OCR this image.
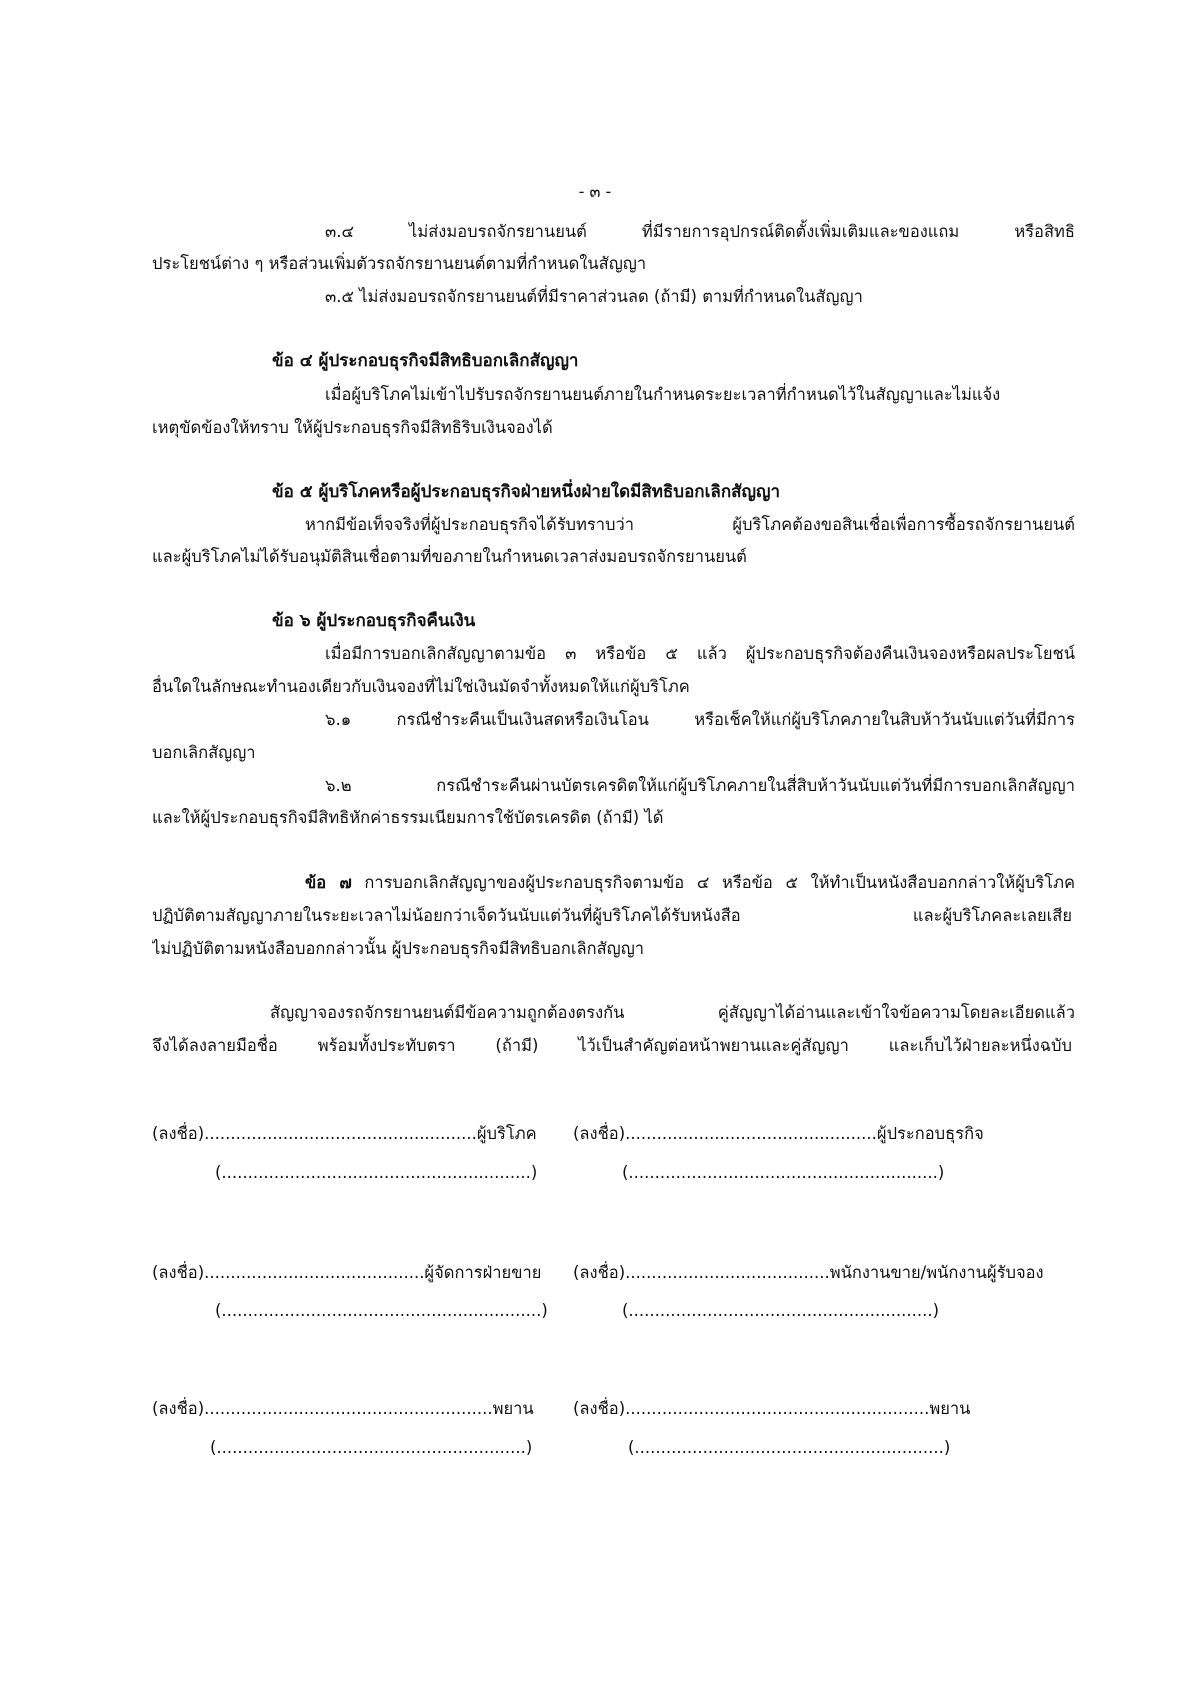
- ๓ -
๓.๔ ไม่ส่งมอบรถจักรยานยนต์ ที่มีรายการอุปกรณ์ติดตั้งเพิ่มเติมและของแถม หรือสิทธิ
ประโยชน์ต่าง ๆ หรือส่วนเพิ่มตัวรถจักรยานยนต์ตามที่กำหนดในสัญญา
๓.๕ ไม่ส่งมอบรถจักรยานยนต์ที่มีราคาส่วนลด (ถ้ามี) ตามที่กำหนดในสัญญา
ข้อ ๔ ผู้ประกอบธุรกิจมีสิทธิบอกเลิกสัญญา
เมื่อผู้บริโภคไม่เข้าไปรับรถจักรยานยนต์ภายในกำหนดระยะเวลาที่กำหนดไว้ในสัญญาและไม่แจ้ง
เหตุขัดข้องให้ทราบ ให้ผู้ประกอบธุรกิจมีสิทธิริบเงินจองได้
ข้อ ๕ ผู้บริโภคหรือผู้ประกอบธุรกิจฝ่ายหนึ่งฝ่ายใดมีสิทธิบอกเลิกสัญญา
หากมีข้อเท็จจริงที่ผู้ประกอบธุรกิจได้รับทราบว่า ผู้บริโภคต้องขอสินเชื่อเพื่อการซื้อรถจักรยานยนต์
และผู้บริโภคไม่ได้รับอนุมัติสินเชื่อตามที่ขอภายในกำหนดเวลาส่งมอบรถจักรยานยนต์
ข้อ ๖ ผู้ประกอบธุรกิจคืนเงิน
เมื่อมีการบอกเลิกสัญญาตามข้อ ๓ หรือข้อ ๕ แล้ว ผู้ประกอบธุรกิจต้องคืนเงินจองหรือผลประโยชน์
อื่นใดในลักษณะทำนองเดียวกับเงินจองที่ไม่ใช่เงินมัดจำทั้งหมดให้แก่ผู้บริโภค
๖.๑ กรณีชำระคืนเป็นเงินสดหรือเงินโอน หรือเช็คให้แก่ผู้บริโภคภายในสิบห้าวันนับแต่วันที่มีการ
บอกเลิกสัญญา
๖.๒ กรณีชำระคืนผ่านบัตรเครดิตให้แก่ผู้บริโภคภายในสี่สิบห้าวันนับแต่วันที่มีการบอกเลิกสัญญา
และให้ผู้ประกอบธุรกิจมีสิทธิหักค่าธรรมเนียมการใช้บัตรเครดิต (ถ้ามี) ได้
ข้อ ๗ การบอกเลิกสัญญาของผู้ประกอบธุรกิจตามข้อ ๔ หรือข้อ ๕ ให้ทำเป็นหนังสือบอกกล่าวให้ผู้บริโภค
ปฏิบัติตามสัญญาภายในระยะเวลาไม่น้อยกว่าเจ็ดวันนับแต่วันที่ผู้บริโภคได้รับหนังสือ และผู้บริโภคละเลยเสีย
ไม่ปฏิบัติตามหนังสือบอกกล่าวนั้น ผู้ประกอบธุรกิจมีสิทธิบอกเลิกสัญญา
สัญญาจองรถจักรยานยนต์มีข้อความถูกต้องตรงกัน คู่สัญญาได้อ่านและเข้าใจข้อความโดยละเอียดแล้ว
จึงได้ลงลายมือชื่อ พร้อมทั้งประทับตรา (ถ้ามี) ไว้เป็นสำคัญต่อหน้าพยานและคู่สัญญา และเก็บไว้ฝ่ายละหนึ่งฉบับ
(ลงชื่อ)....................................................ผู้บริโภค
(...........................................................)
(ลงชื่อ)................................................ผู้ประกอบธุรกิจ
(...........................................................)
(ลงชื่อ)..........................................ผู้จัดการฝ่ายขาย
(.............................................................)
(ลงชื่อ).......................................พนักงานขาย/พนักงานผู้รับจอง
(..........................................................)
(ลงชื่อ).......................................................พยาน
(...........................................................)
(ลงชื่อ)..........................................................พยาน
(...........................................................)
